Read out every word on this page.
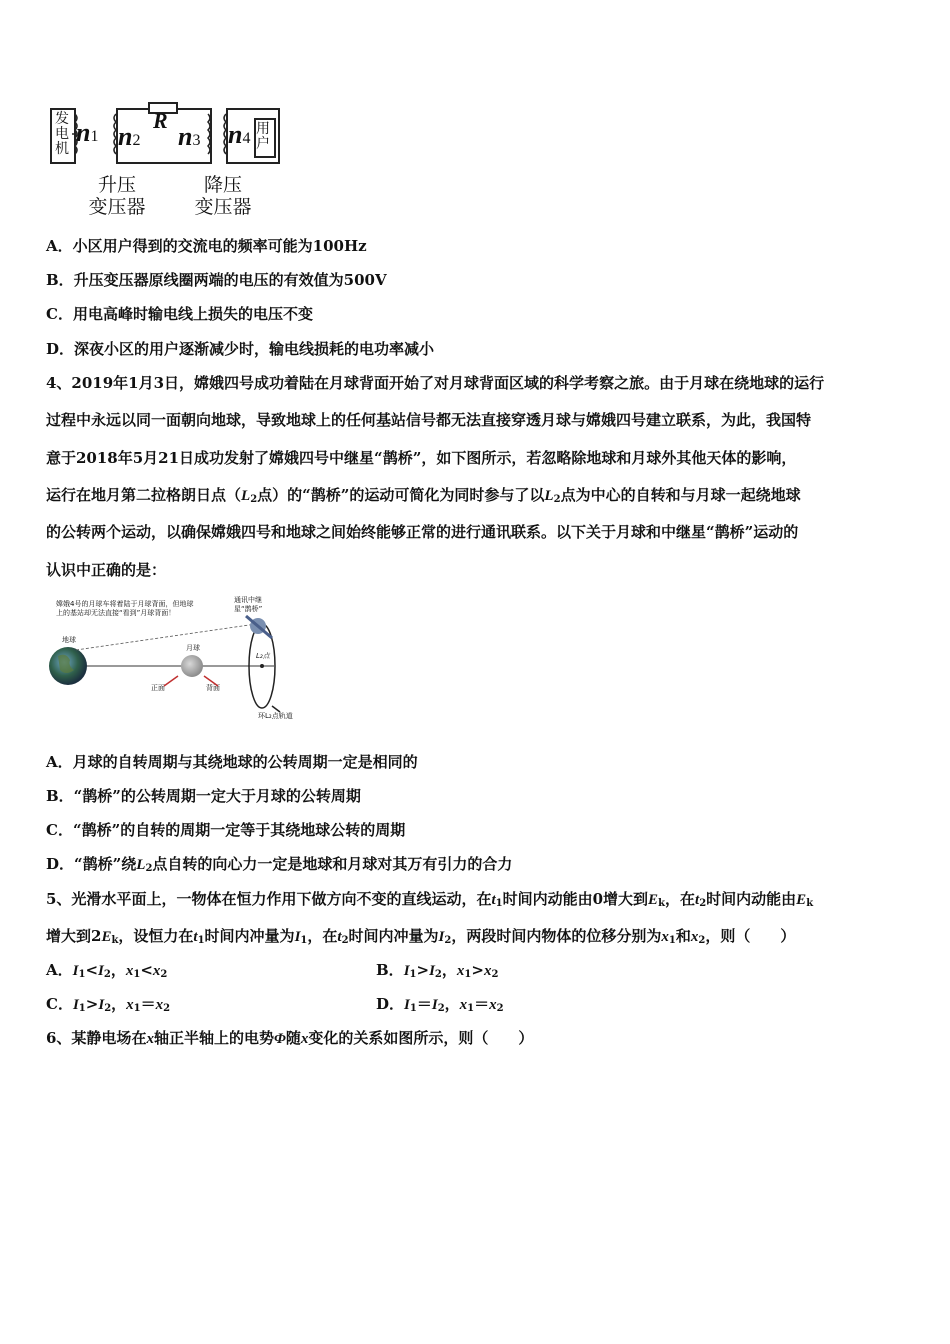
发电机
n1
R
n2 n3 n4
用户
升压
变压器
降压
变压器
A．小区用户得到的交流电的频率可能为100Hz
B．升压变压器原线圈两端的电压的有效值为500V
C．用电高峰时输电线上损失的电压不变
D．深夜小区的用户逐渐减少时，输电线损耗的电功率减小
4、2019年1月3日，嫦娥四号成功着陆在月球背面开始了对月球背面区域的科学考察之旅。由于月球在绕地球的运行
过程中永远以同一面朝向地球，导致地球上的任何基站信号都无法直接穿透月球与嫦娥四号建立联系，为此，我国特
意于2018年5月21日成功发射了嫦娥四号中继星“鹊桥”，如下图所示，若忽略除地球和月球外其他天体的影响，
运行在地月第二拉格朗日点（$L_2$点）的“鹊桥”的运动可简化为同时参与了以$L_2$点为中心的自转和与月球一起绕地球
的公转两个运动，以确保嫦娥四号和地球之间始终能够正常的进行通讯联系。以下关于月球和中继星“鹊桥”运动的
认识中正确的是：
嫦娥4号的月球车将着陆于月球背面，但地球
上的基站却无法直接“看到”月球背面！
通讯中继
星“鹊桥”
地球
月球
正面	背面
L₂点
环L₂点轨道
A．月球的自转周期与其绕地球的公转周期一定是相同的
B．“鹊桥”的公转周期一定大于月球的公转周期
C．“鹊桥”的自转的周期一定等于其绕地球公转的周期
D．“鹊桥”绕$L_2$点自转的向心力一定是地球和月球对其万有引力的合力
5、光滑水平面上，一物体在恒力作用下做方向不变的直线运动，在$t_1$时间内动能由0增大到$E_k$，在$t_2$时间内动能由$E_k$
增大到$2E_k$，设恒力在$t_1$时间内冲量为$I_1$，在$t_2$时间内冲量为$I_2$，两段时间内物体的位移分别为$x_1$和$x_2$，则（　　）
A．$I_1<I_2$，$x_1<x_2$	B．$I_1>I_2$，$x_1>x_2$
C．$I_1>I_2$，$x_1=x_2$	D．$I_1=I_2$，$x_1=x_2$
6、某静电场在x轴正半轴上的电势Φ随x变化的关系如图所示，则（　　）
